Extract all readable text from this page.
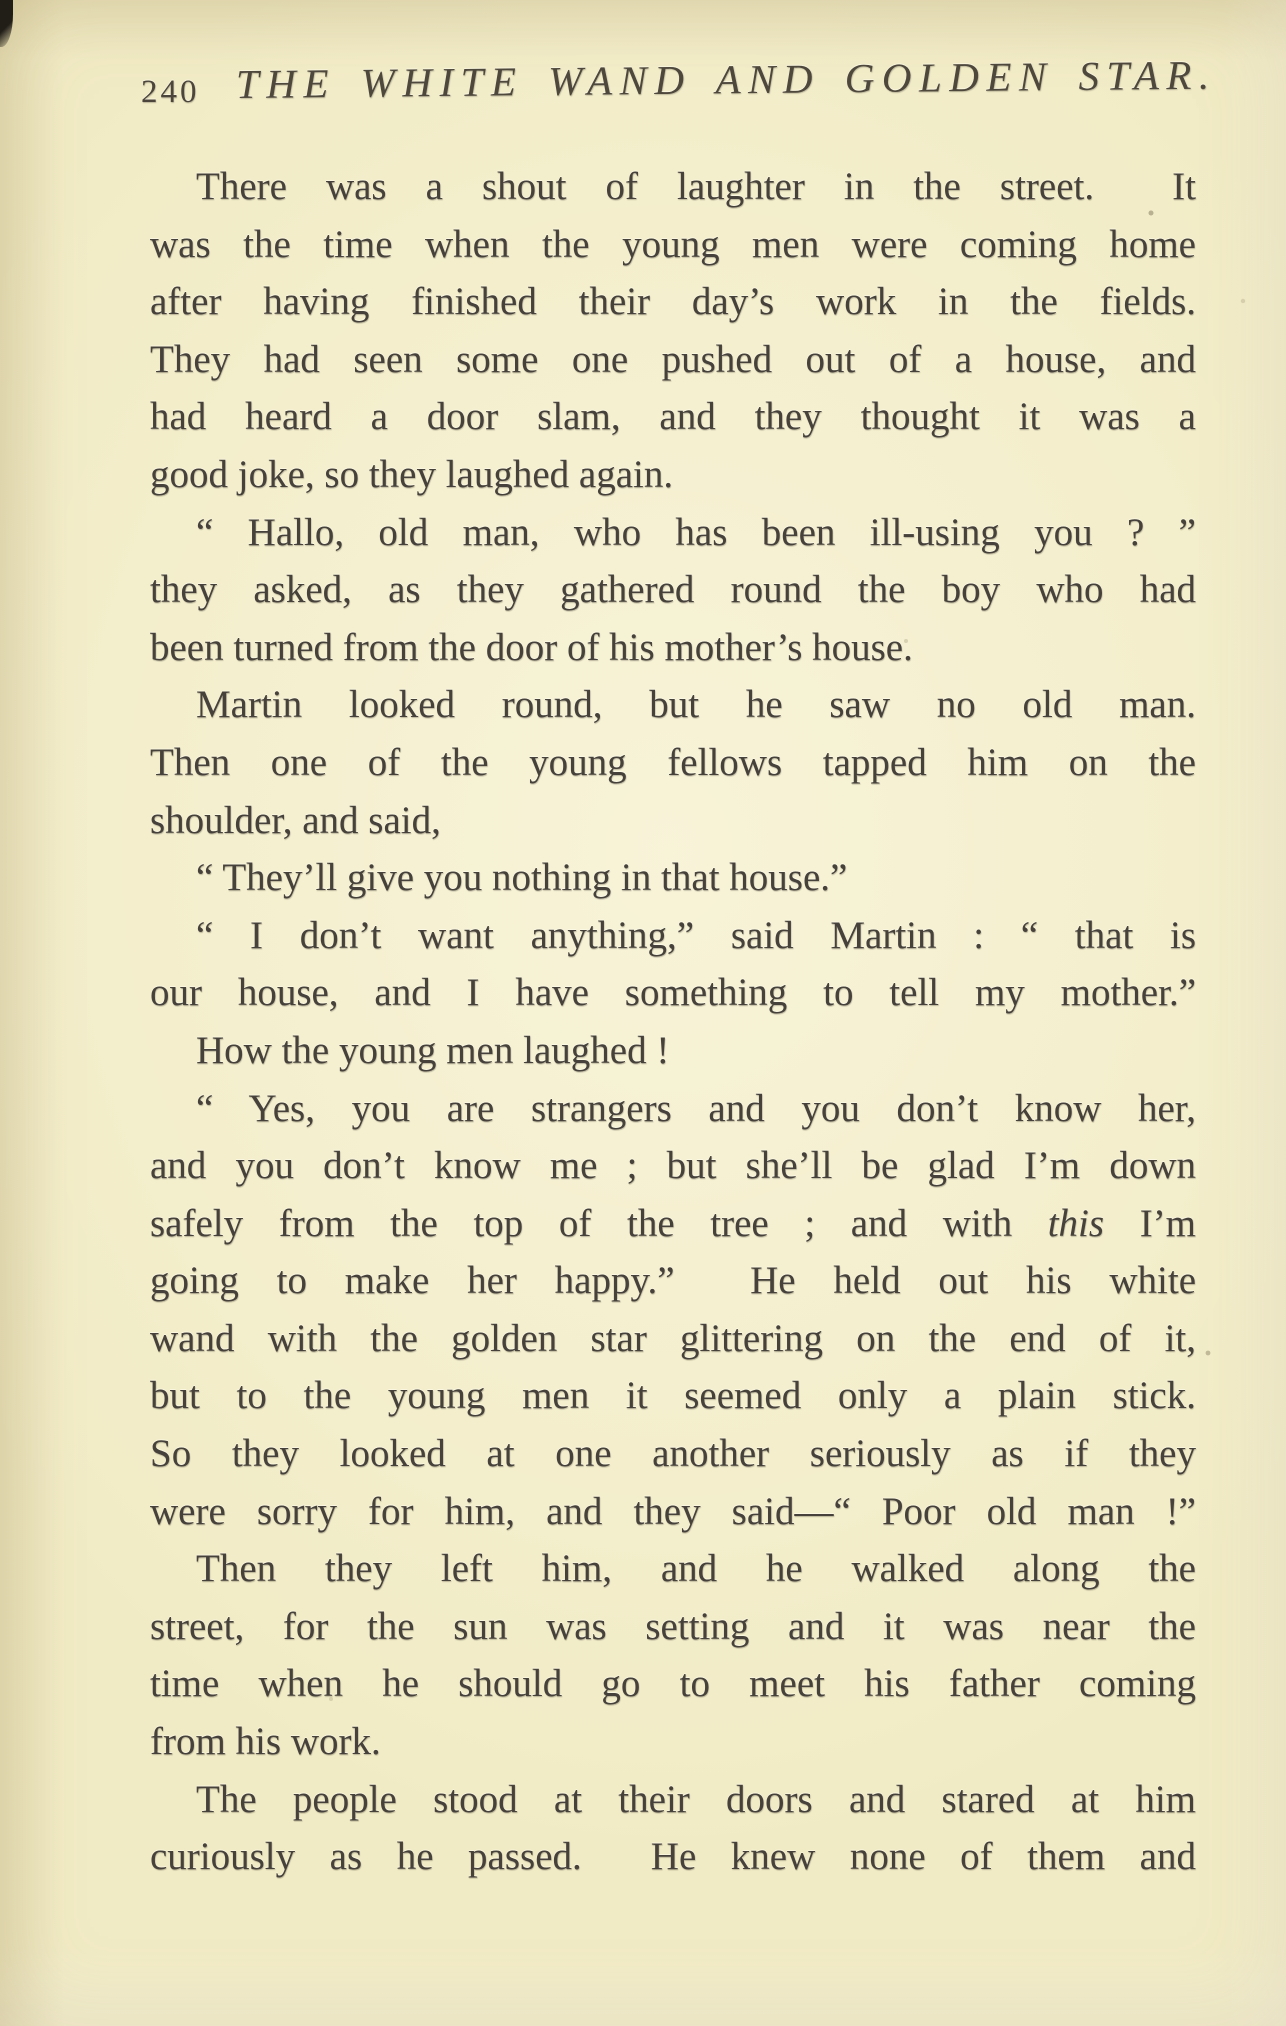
240 THE WHITE WAND AND GOLDEN STAR.
There was a shout of laughter in the street.  It
was the time when the young men were coming home
after having finished their day’s work in the fields.
They had seen some one pushed out of a house, and
had heard a door slam, and they thought it was a
good joke, so they laughed again.
“ Hallo, old man, who has been ill-using you ? ”
they asked, as they gathered round the boy who had
been turned from the door of his mother’s house.
Martin looked round, but he saw no old man.
Then one of the young fellows tapped him on the
shoulder, and said,
“ They’ll give you nothing in that house.”
“ I don’t want anything,” said Martin : “ that is
our house, and I have something to tell my mother.”
How the young men laughed !
“ Yes, you are strangers and you don’t know her,
and you don’t know me ; but she’ll be glad I’m down
safely from the top of the tree ; and with this I’m
going to make her happy.”  He held out his white
wand with the golden star glittering on the end of it,
but to the young men it seemed only a plain stick.
So they looked at one another seriously as if they
were sorry for him, and they said—“ Poor old man !”
Then they left him, and he walked along the
street, for the sun was setting and it was near the
time when he should go to meet his father coming
from his work.
The people stood at their doors and stared at him
curiously as he passed.  He knew none of them and
